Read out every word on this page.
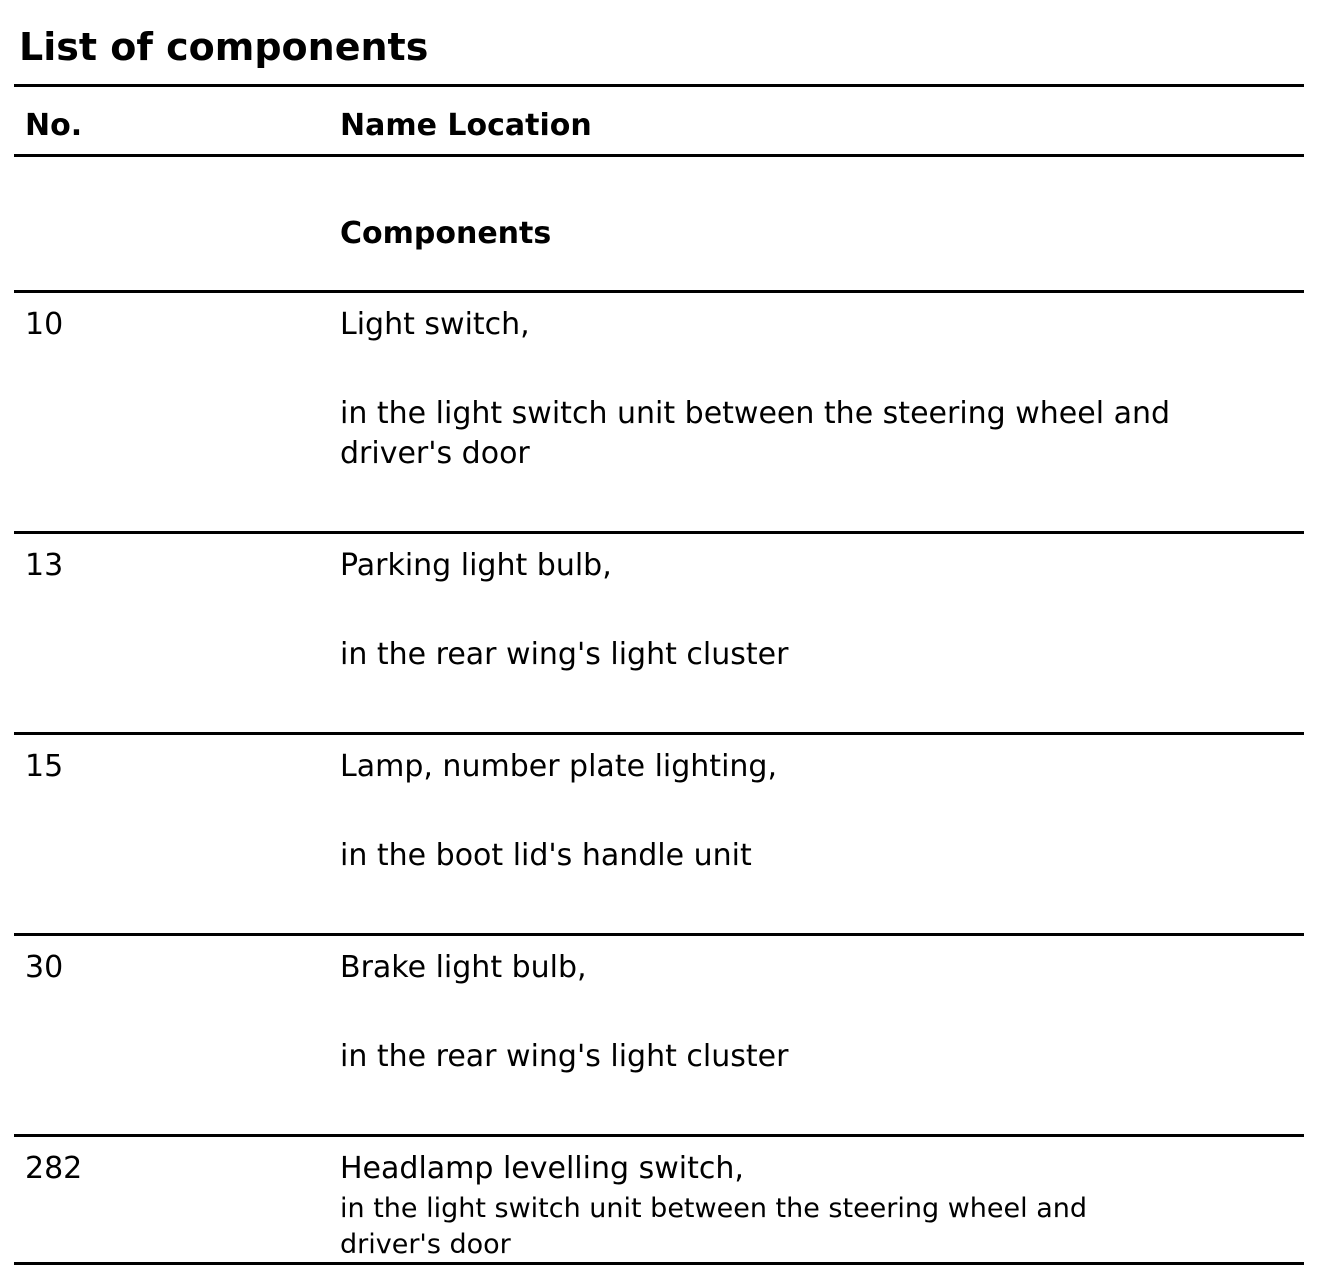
List of components
No.	Name Location
Components
10	Light switch,
in the light switch unit between the steering wheel and driver's door
13	Parking light bulb,
in the rear wing's light cluster
15	Lamp, number plate lighting,
in the boot lid's handle unit
30	Brake light bulb,
in the rear wing's light cluster
282	Headlamp levelling switch,
in the light switch unit between the steering wheel and driver's door
